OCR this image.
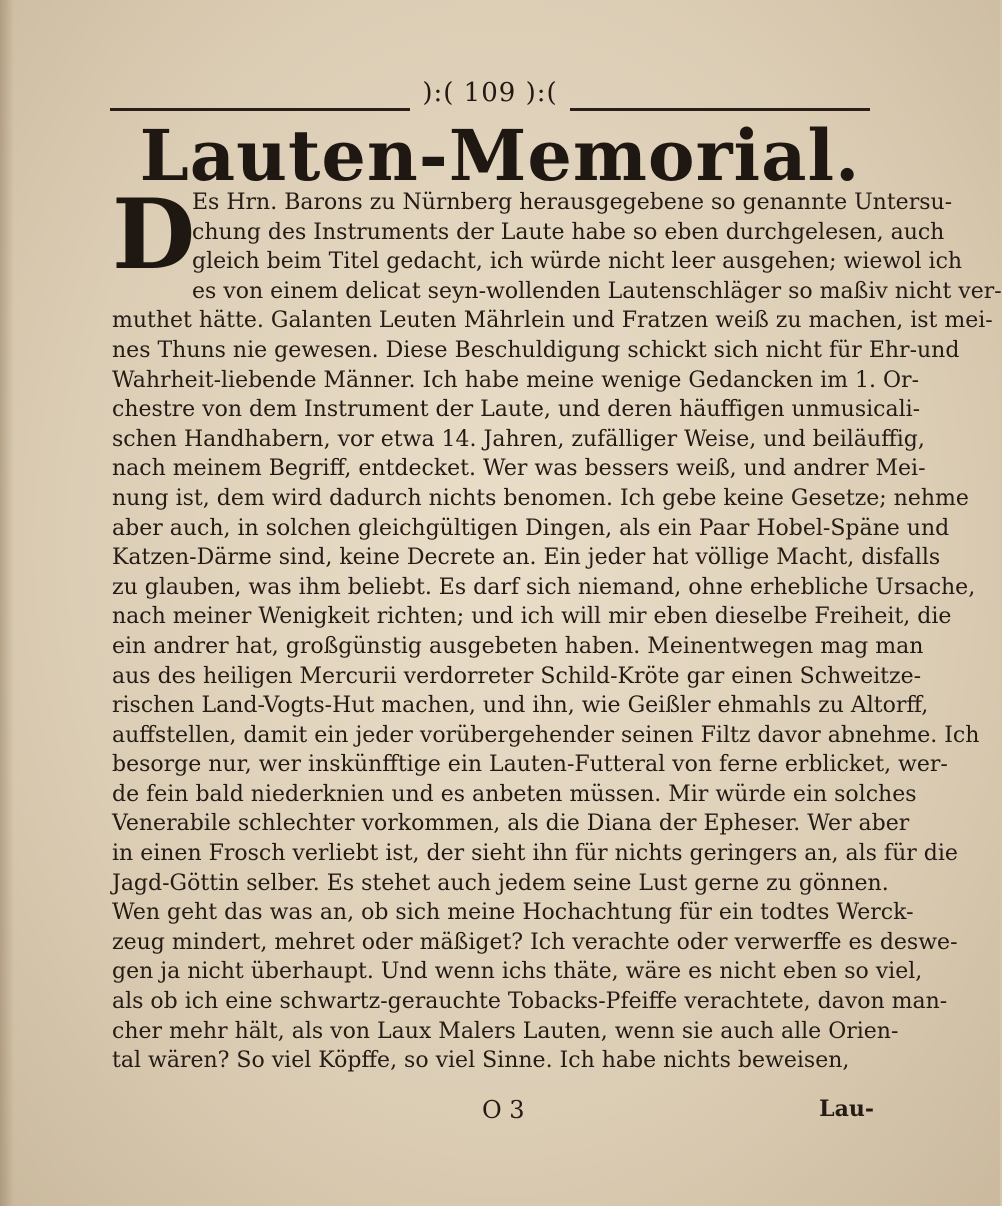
):( 109 ):(
Lauten-Memorial.
D
Es Hrn. Barons zu Nürnberg herausgegebene so genannte Untersu-
chung des Instruments der Laute habe so eben durchgelesen, auch
gleich beim Titel gedacht, ich würde nicht leer ausgehen; wiewol ich
es von einem delicat seyn-wollenden Lautenschläger so maßiv nicht ver-
muthet hätte. Galanten Leuten Mährlein und Fratzen weiß zu machen, ist mei-
nes Thuns nie gewesen. Diese Beschuldigung schickt sich nicht für Ehr-und
Wahrheit-liebende Männer. Ich habe meine wenige Gedancken im 1. Or-
chestre von dem Instrument der Laute, und deren häuffigen unmusicali-
schen Handhabern, vor etwa 14. Jahren, zufälliger Weise, und beiläuffig,
nach meinem Begriff, entdecket. Wer was bessers weiß, und andrer Mei-
nung ist, dem wird dadurch nichts benomen. Ich gebe keine Gesetze; nehme
aber auch, in solchen gleichgültigen Dingen, als ein Paar Hobel-Späne und
Katzen-Därme sind, keine Decrete an. Ein jeder hat völlige Macht, disfalls
zu glauben, was ihm beliebt. Es darf sich niemand, ohne erhebliche Ursache,
nach meiner Wenigkeit richten; und ich will mir eben dieselbe Freiheit, die
ein andrer hat, großgünstig ausgebeten haben. Meinentwegen mag man
aus des heiligen Mercurii verdorreter Schild-Kröte gar einen Schweitze-
rischen Land-Vogts-Hut machen, und ihn, wie Geißler ehmahls zu Altorff,
auffstellen, damit ein jeder vorübergehender seinen Filtz davor abnehme. Ich
besorge nur, wer inskünfftige ein Lauten-Futteral von ferne erblicket, wer-
de fein bald niederknien und es anbeten müssen. Mir würde ein solches
Venerabile schlechter vorkommen, als die Diana der Epheser. Wer aber
in einen Frosch verliebt ist, der sieht ihn für nichts geringers an, als für die
Jagd-Göttin selber. Es stehet auch jedem seine Lust gerne zu gönnen.
Wen geht das was an, ob sich meine Hochachtung für ein todtes Werck-
zeug mindert, mehret oder mäßiget? Ich verachte oder verwerffe es deswe-
gen ja nicht überhaupt. Und wenn ichs thäte, wäre es nicht eben so viel,
als ob ich eine schwartz-gerauchte Tobacks-Pfeiffe verachtete, davon man-
cher mehr hält, als von Laux Malers Lauten, wenn sie auch alle Orien-
tal wären? So viel Köpffe, so viel Sinne. Ich habe nichts beweisen,
O 3	Lau-
